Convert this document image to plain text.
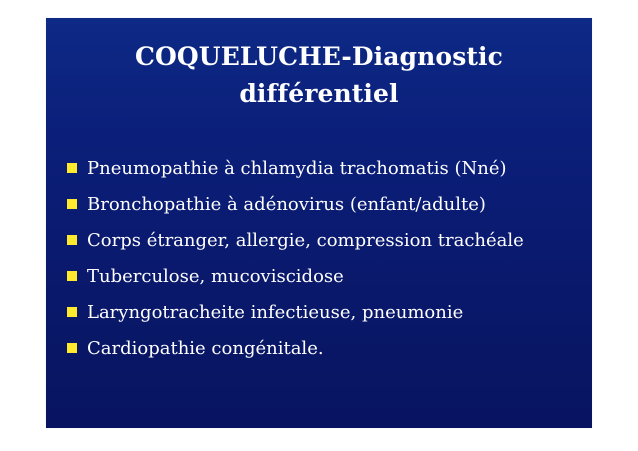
COQUELUCHE-Diagnostic
différentiel
Pneumopathie à chlamydia trachomatis (Nné)
Bronchopathie à adénovirus (enfant/adulte)
Corps étranger, allergie, compression trachéale
Tuberculose, mucoviscidose
Laryngotracheite infectieuse, pneumonie
Cardiopathie congénitale.
